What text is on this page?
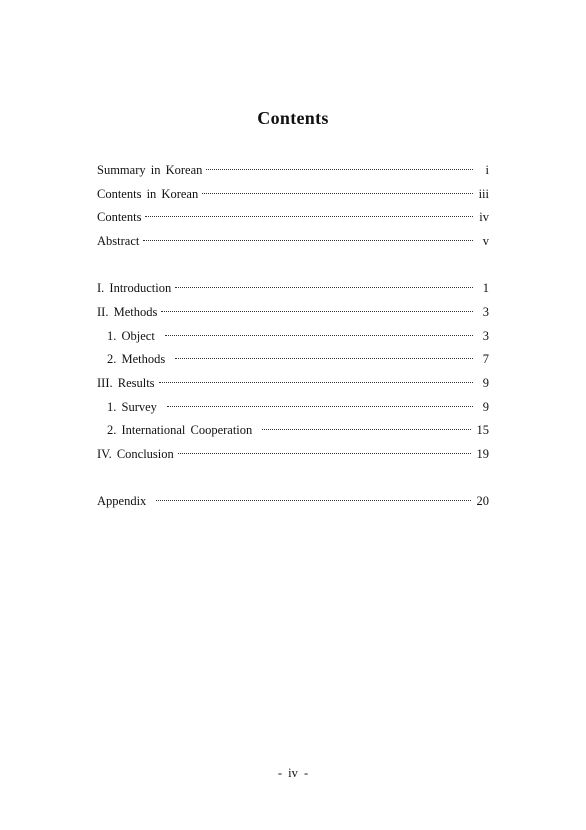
Contents
Summary in Korean	i
Contents in Korean	iii
Contents	iv
Abstract	v
I. Introduction	1
II. Methods	3
1. Object	3
2. Methods	7
III. Results	9
1. Survey	9
2. International Cooperation	15
IV. Conclusion	19
Appendix	20
- iv -
